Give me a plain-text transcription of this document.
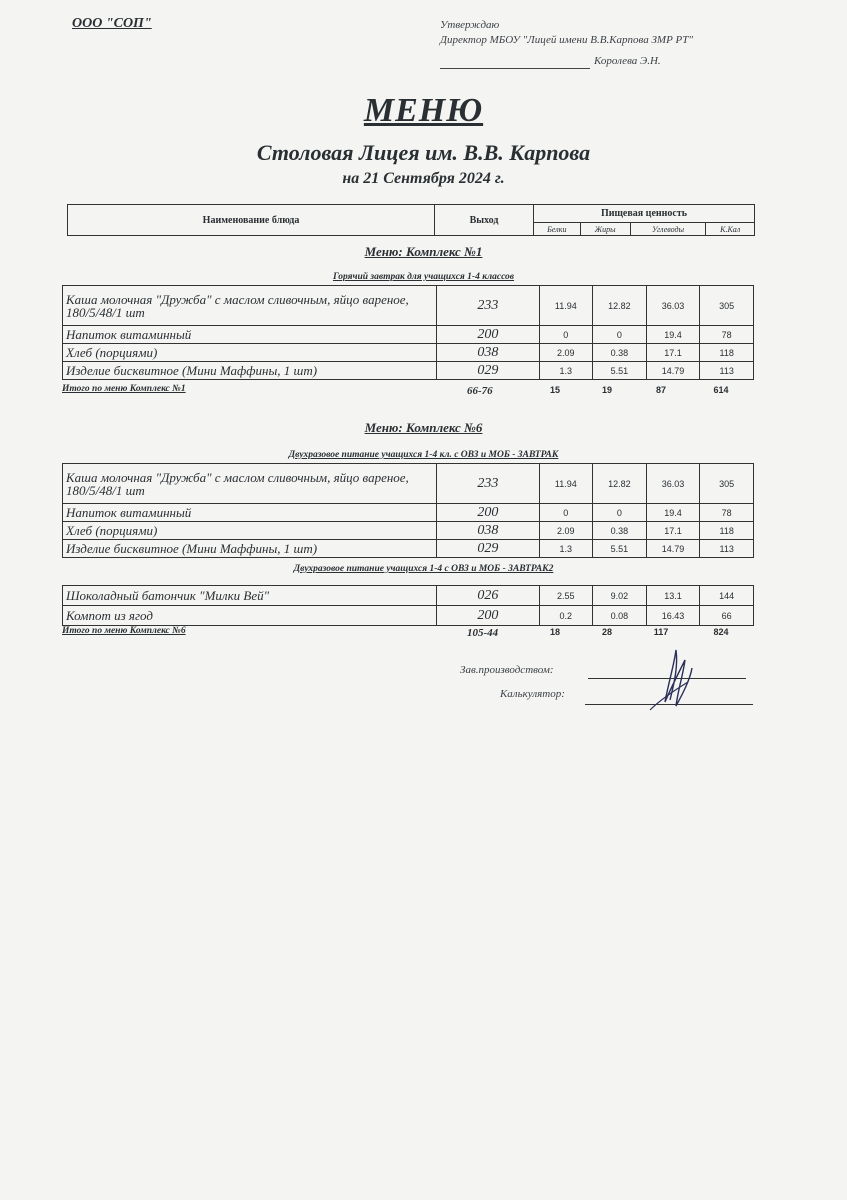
ООО "СОП"	Утверждаю
Директор МБОУ "Лицей имени В.В.Карпова ЗМР РТ"
Королева Э.Н.
МЕНЮ
Столовая Лицея им. В.В. Карпова
на 21 Сентября 2024 г.
Наименование блюда	Выход	Пищевая ценность			
		Белки	Жиры	Углеводы	К.Кал
Меню: Комплекс №1
Горячий завтрак для учащихся 1-4 классов
Каша молочная "Дружба" с маслом сливочным, яйцо вареное, 180/5/48/1 шт	233	11.94	12.82	36.03	305
Напиток витаминный	200	0	0	19.4	78
Хлеб (порциями)	038	2.09	0.38	17.1	118
Изделие бисквитное (Мини Маффины, 1 шт)	029	1.3	5.51	14.79	113
Итого по меню Комплекс №1	66-76	15	19	87	614
Меню: Комплекс №6
Двухразовое питание учащихся 1-4 кл. с ОВЗ и МОБ - ЗАВТРАК
Каша молочная "Дружба" с маслом сливочным, яйцо вареное, 180/5/48/1 шт	233	11.94	12.82	36.03	305
Напиток витаминный	200	0	0	19.4	78
Хлеб (порциями)	038	2.09	0.38	17.1	118
Изделие бисквитное (Мини Маффины, 1 шт)	029	1.3	5.51	14.79	113
Двухразовое питание учащихся 1-4 с ОВЗ и МОБ - ЗАВТРАК2
Шоколадный батончик "Милки Вей"	026	2.55	9.02	13.1	144
Компот из ягод	200	0.2	0.08	16.43	66
Итого по меню Комплекс №6	105-44	18	28	117	824
Зав.производством:
Калькулятор:
